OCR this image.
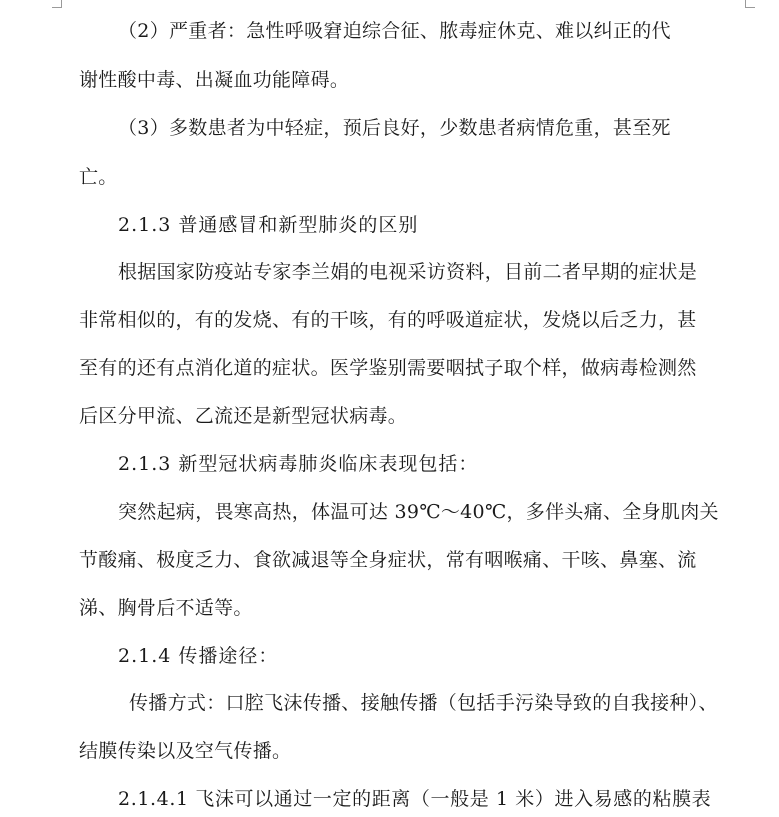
（2）严重者：急性呼吸窘迫综合征、脓毒症休克、难以纠正的代
谢性酸中毒、出凝血功能障碍。
（3）多数患者为中轻症，预后良好，少数患者病情危重，甚至死
亡。
2.1.3 普通感冒和新型肺炎的区别
根据国家防疫站专家李兰娟的电视采访资料，目前二者早期的症状是
非常相似的，有的发烧、有的干咳，有的呼吸道症状，发烧以后乏力，甚
至有的还有点消化道的症状。医学鉴别需要咽拭子取个样，做病毒检测然
后区分甲流、乙流还是新型冠状病毒。
2.1.3 新型冠状病毒肺炎临床表现包括：
突然起病，畏寒高热，体温可达 39℃～40℃，多伴头痛、全身肌肉关
节酸痛、极度乏力、食欲减退等全身症状，常有咽喉痛、干咳、鼻塞、流
涕、胸骨后不适等。
2.1.4 传播途径：
传播方式：口腔飞沫传播、接触传播（包括手污染导致的自我接种）、
结膜传染以及空气传播。
2.1.4.1 飞沫可以通过一定的距离（一般是 1 米）进入易感的粘膜表
